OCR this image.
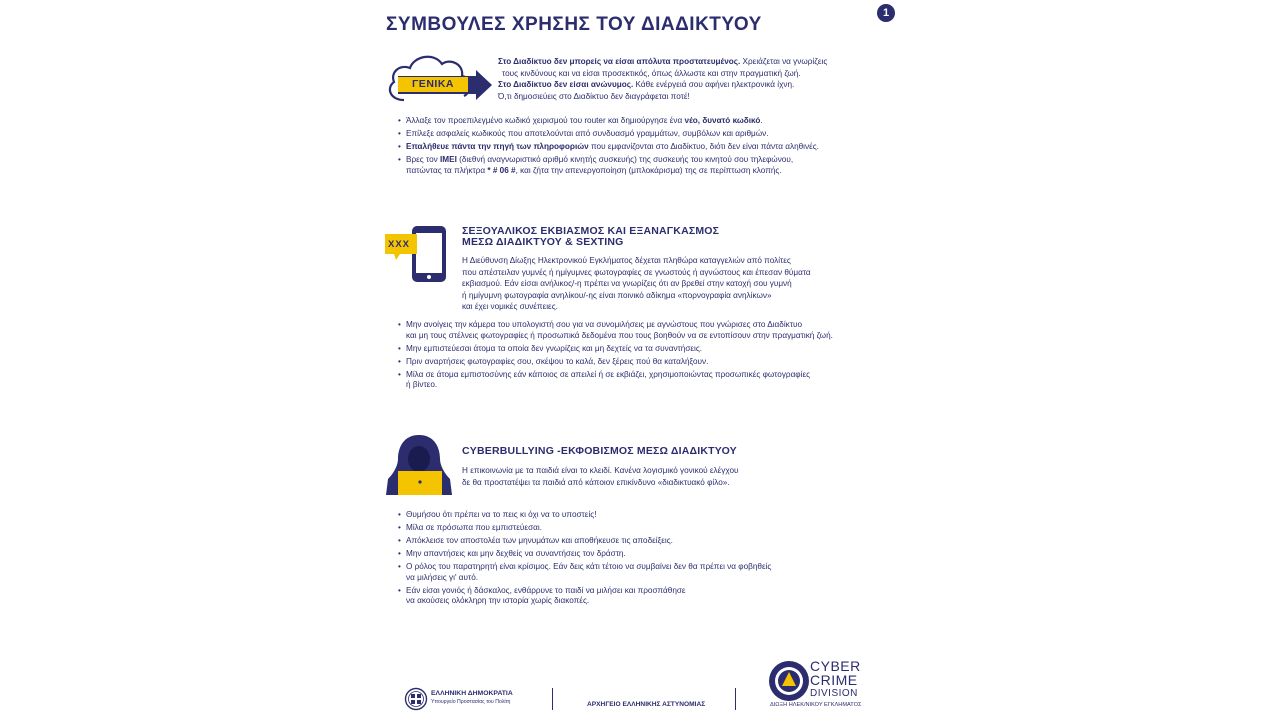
ΣΥΜΒΟΥΛΕΣ ΧΡΗΣΗΣ ΤΟΥ ΔΙΑΔΙΚΤΥΟΥ
1
ΓΕΝΙΚΑ
Στο Διαδίκτυο δεν μπορείς να είσαι απόλυτα προστατευμένος. Χρειάζεται να γνωρίζεις
τους κινδύνους και να είσαι προσεκτικός, όπως άλλωστε και στην πραγματική ζωή.
Στο Διαδίκτυο δεν είσαι ανώνυμος. Κάθε ενέργειά σου αφήνει ηλεκτρονικά ίχνη.
Ό,τι δημοσιεύεις στο Διαδίκτυο δεν διαγράφεται ποτέ!
• Άλλαξε τον προεπιλεγμένο κωδικό χειρισμού του router και δημιούργησε ένα νέο, δυνατό κωδικό.
• Επίλεξε ασφαλείς κωδικούς που αποτελούνται από συνδυασμό γραμμάτων, συμβόλων και αριθμών.
• Επαλήθευε πάντα την πηγή των πληροφοριών που εμφανίζονται στο Διαδίκτυο, διότι δεν είναι πάντα αληθινές.
• Βρες τον IMEI (διεθνή αναγνωριστικό αριθμό κινητής συσκευής) της συσκευής του κινητού σου τηλεφώνου,
πατώντας τα πλήκτρα * # 06 #, και ζήτα την απενεργοποίηση (μπλοκάρισμα) της σε περίπτωση κλοπής.
XXX
ΣΕΞΟΥΑΛΙΚΟΣ ΕΚΒΙΑΣΜΟΣ ΚΑΙ ΕΞΑΝΑΓΚΑΣΜΟΣ
ΜΕΣΩ ΔΙΑΔΙΚΤΥΟΥ & SEXTING
Η Διεύθυνση Δίωξης Ηλεκτρονικού Εγκλήματος δέχεται πληθώρα καταγγελιών από πολίτες
που απέστειλαν γυμνές ή ημίγυμνες φωτογραφίες σε γνωστούς ή αγνώστους και έπεσαν θύματα
εκβιασμού. Εάν είσαι ανήλικος/-η πρέπει να γνωρίζεις ότι αν βρεθεί στην κατοχή σου γυμνή
ή ημίγυμνη φωτογραφία ανηλίκου/-ης είναι ποινικό αδίκημα «πορνογραφία ανηλίκων»
και έχει νομικές συνέπειες.
• Μην ανοίγεις την κάμερα του υπολογιστή σου για να συνομιλήσεις με αγνώστους που γνώρισες στο Διαδίκτυο
και μη τους στέλνεις φωτογραφίες ή προσωπικά δεδομένα που τους βοηθούν να σε εντοπίσουν στην πραγματική ζωή.
• Μην εμπιστεύεσαι άτομα τα οποία δεν γνωρίζεις και μη δεχτείς να τα συναντήσεις.
• Πριν αναρτήσεις φωτογραφίες σου, σκέψου το καλά, δεν ξέρεις πού θα καταλήξουν.
• Μίλα σε άτομα εμπιστοσύνης εάν κάποιος σε απειλεί ή σε εκβιάζει, χρησιμοποιώντας προσωπικές φωτογραφίες
ή βίντεο.
CYBERBULLYING -ΕΚΦΟΒΙΣΜΟΣ ΜΕΣΩ ΔΙΑΔΙΚΤΥΟΥ
Η επικοινωνία με τα παιδιά είναι το κλειδί. Κανένα λογισμικό γονικού ελέγχου
δε θα προστατέψει τα παιδιά από κάποιον επικίνδυνο «διαδικτυακό φίλο».
• Θυμήσου ότι πρέπει να το πεις κι όχι να το υποστείς!
• Μίλα σε πρόσωπα που εμπιστεύεσαι.
• Απόκλεισε τον αποστολέα των μηνυμάτων και αποθήκευσε τις αποδείξεις.
• Μην απαντήσεις και μην δεχθείς να συναντήσεις τον δράστη.
• Ο ρόλος του παρατηρητή είναι κρίσιμος. Εάν δεις κάτι τέτοιο να συμβαίνει δεν θα πρέπει να φοβηθείς
να μιλήσεις γι' αυτό.
• Εάν είσαι γονιός ή δάσκαλος, ενθάρρυνε το παιδί να μιλήσει και προσπάθησε
να ακούσεις ολόκληρη την ιστορία χωρίς διακοπές.
ΕΛΛΗΝΙΚΗ ΔΗΜΟΚΡΑΤΙΑ
Υπουργείο Προστασίας του Πολίτη	ΑΡΧΗΓΕΙΟ ΕΛΛΗΝΙΚΗΣ ΑΣΤΥΝΟΜΙΑΣ
CYBER
CRIME
DIVISION
ΔΙΩΞΗ ΗΛΕΚ/ΝΙΚΟΥ ΕΓΚΛΗΜΑΤΟΣ
